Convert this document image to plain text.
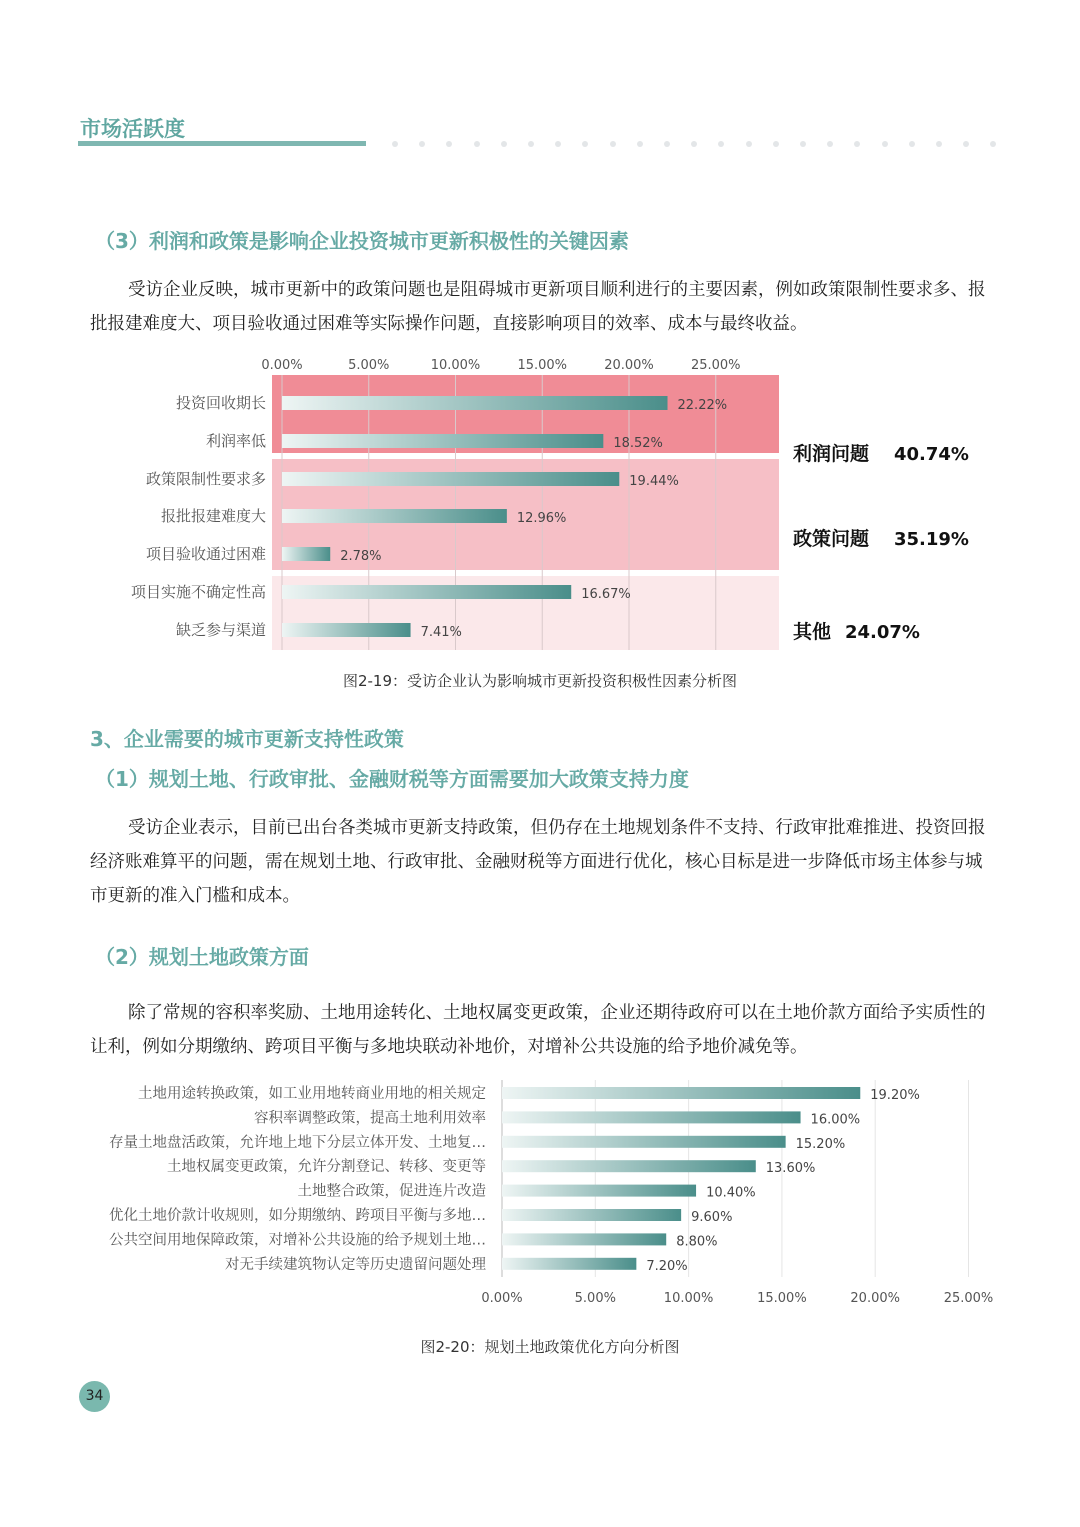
市场活跃度
（3）利润和政策是影响企业投资城市更新积极性的关键因素
受访企业反映，城市更新中的政策问题也是阻碍城市更新项目顺利进行的主要因素，例如政策限制性要求多、报批报建难度大、项目验收通过困难等实际操作问题，直接影响项目的效率、成本与最终收益。
0.00%	5.00%	10.00%	15.00%	20.00%	25.00%
投资回收期长	22.22%
利润率低	18.52%
政策限制性要求多	19.44%
报批报建难度大	12.96%
项目验收通过困难	2.78%
项目实施不确定性高	16.67%
缺乏参与渠道	7.41%
利润问题 40.74%
政策问题 35.19%
其他 24.07%
图2-19：受访企业认为影响城市更新投资积极性因素分析图
3、企业需要的城市更新支持性政策
（1）规划土地、行政审批、金融财税等方面需要加大政策支持力度
受访企业表示，目前已出台各类城市更新支持政策，但仍存在土地规划条件不支持、行政审批难推进、投资回报经济账难算平的问题，需在规划土地、行政审批、金融财税等方面进行优化，核心目标是进一步降低市场主体参与城市更新的准入门槛和成本。
（2）规划土地政策方面
除了常规的容积率奖励、土地用途转化、土地权属变更政策，企业还期待政府可以在土地价款方面给予实质性的让利，例如分期缴纳、跨项目平衡与多地块联动补地价，对增补公共设施的给予地价减免等。
0.00%	5.00%	10.00%	15.00%	20.00%	25.00%
土地用途转换政策，如工业用地转商业用地的相关规定	19.20%
容积率调整政策，提高土地利用效率	16.00%
存量土地盘活政策，允许地上地下分层立体开发、土地复…	15.20%
土地权属变更政策，允许分割登记、转移、变更等	13.60%
土地整合政策，促进连片改造	10.40%
优化土地价款计收规则，如分期缴纳、跨项目平衡与多地…	9.60%
公共空间用地保障政策，对增补公共设施的给予规划土地…	8.80%
对无手续建筑物认定等历史遗留问题处理	7.20%
图2-20：规划土地政策优化方向分析图
34
